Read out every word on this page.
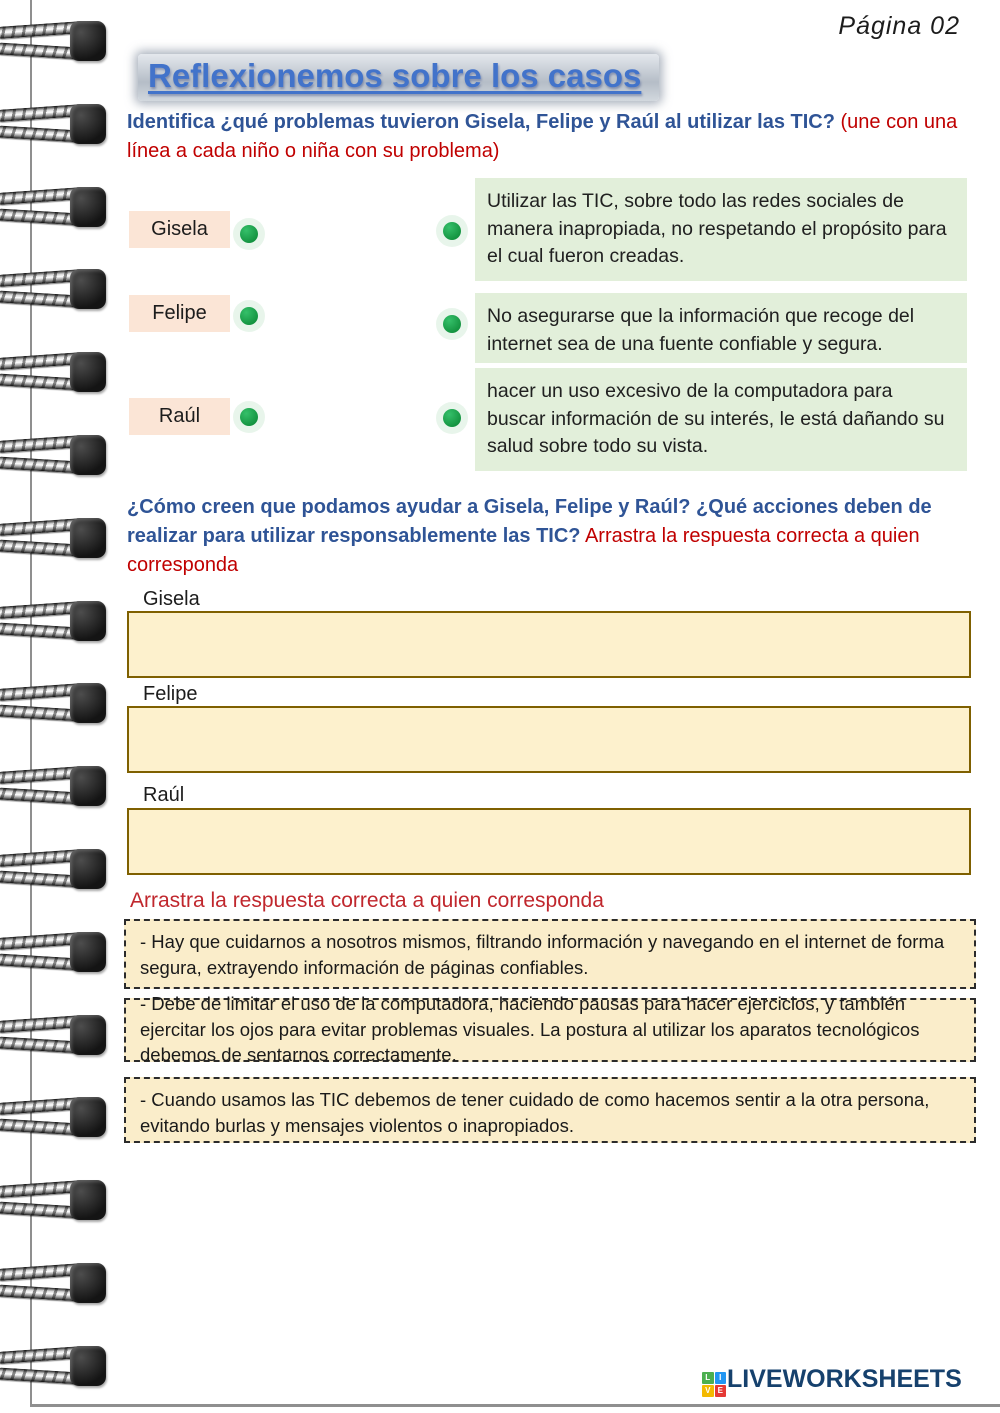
Página 02
Reflexionemos sobre los casos

Identifica ¿qué problemas tuvieron Gisela, Felipe y Raúl al utilizar las TIC? (une con una línea a cada niño o niña con su problema)

Gisela
Felipe
Raúl
Utilizar las TIC, sobre todo las redes sociales de manera inapropiada, no respetando el propósito para el cual fueron creadas.
No asegurarse que la información que recoge del internet sea de una fuente confiable y segura.
hacer un uso excesivo de la computadora para buscar información de su interés, le está dañando su salud sobre todo su vista.

¿Cómo creen que podamos ayudar a Gisela, Felipe y Raúl? ¿Qué acciones deben de realizar para utilizar responsablemente las TIC? Arrastra la respuesta correcta a quien corresponda

Gisela
Felipe
Raúl

Arrastra la respuesta correcta a quien corresponda

- Hay que cuidarnos a nosotros mismos, filtrando información y navegando en el internet de forma segura, extrayendo información de páginas confiables.
- Debe de limitar el uso de la computadora, haciendo pausas para hacer ejercicios, y también ejercitar los ojos para evitar problemas visuales. La postura al utilizar los aparatos tecnológicos debemos de sentarnos correctamente.
- Cuando usamos las TIC debemos de tener cuidado de como hacemos sentir a la otra persona, evitando burlas y mensajes violentos o inapropiados.
L	I
V E LIVEWORKSHEETS
